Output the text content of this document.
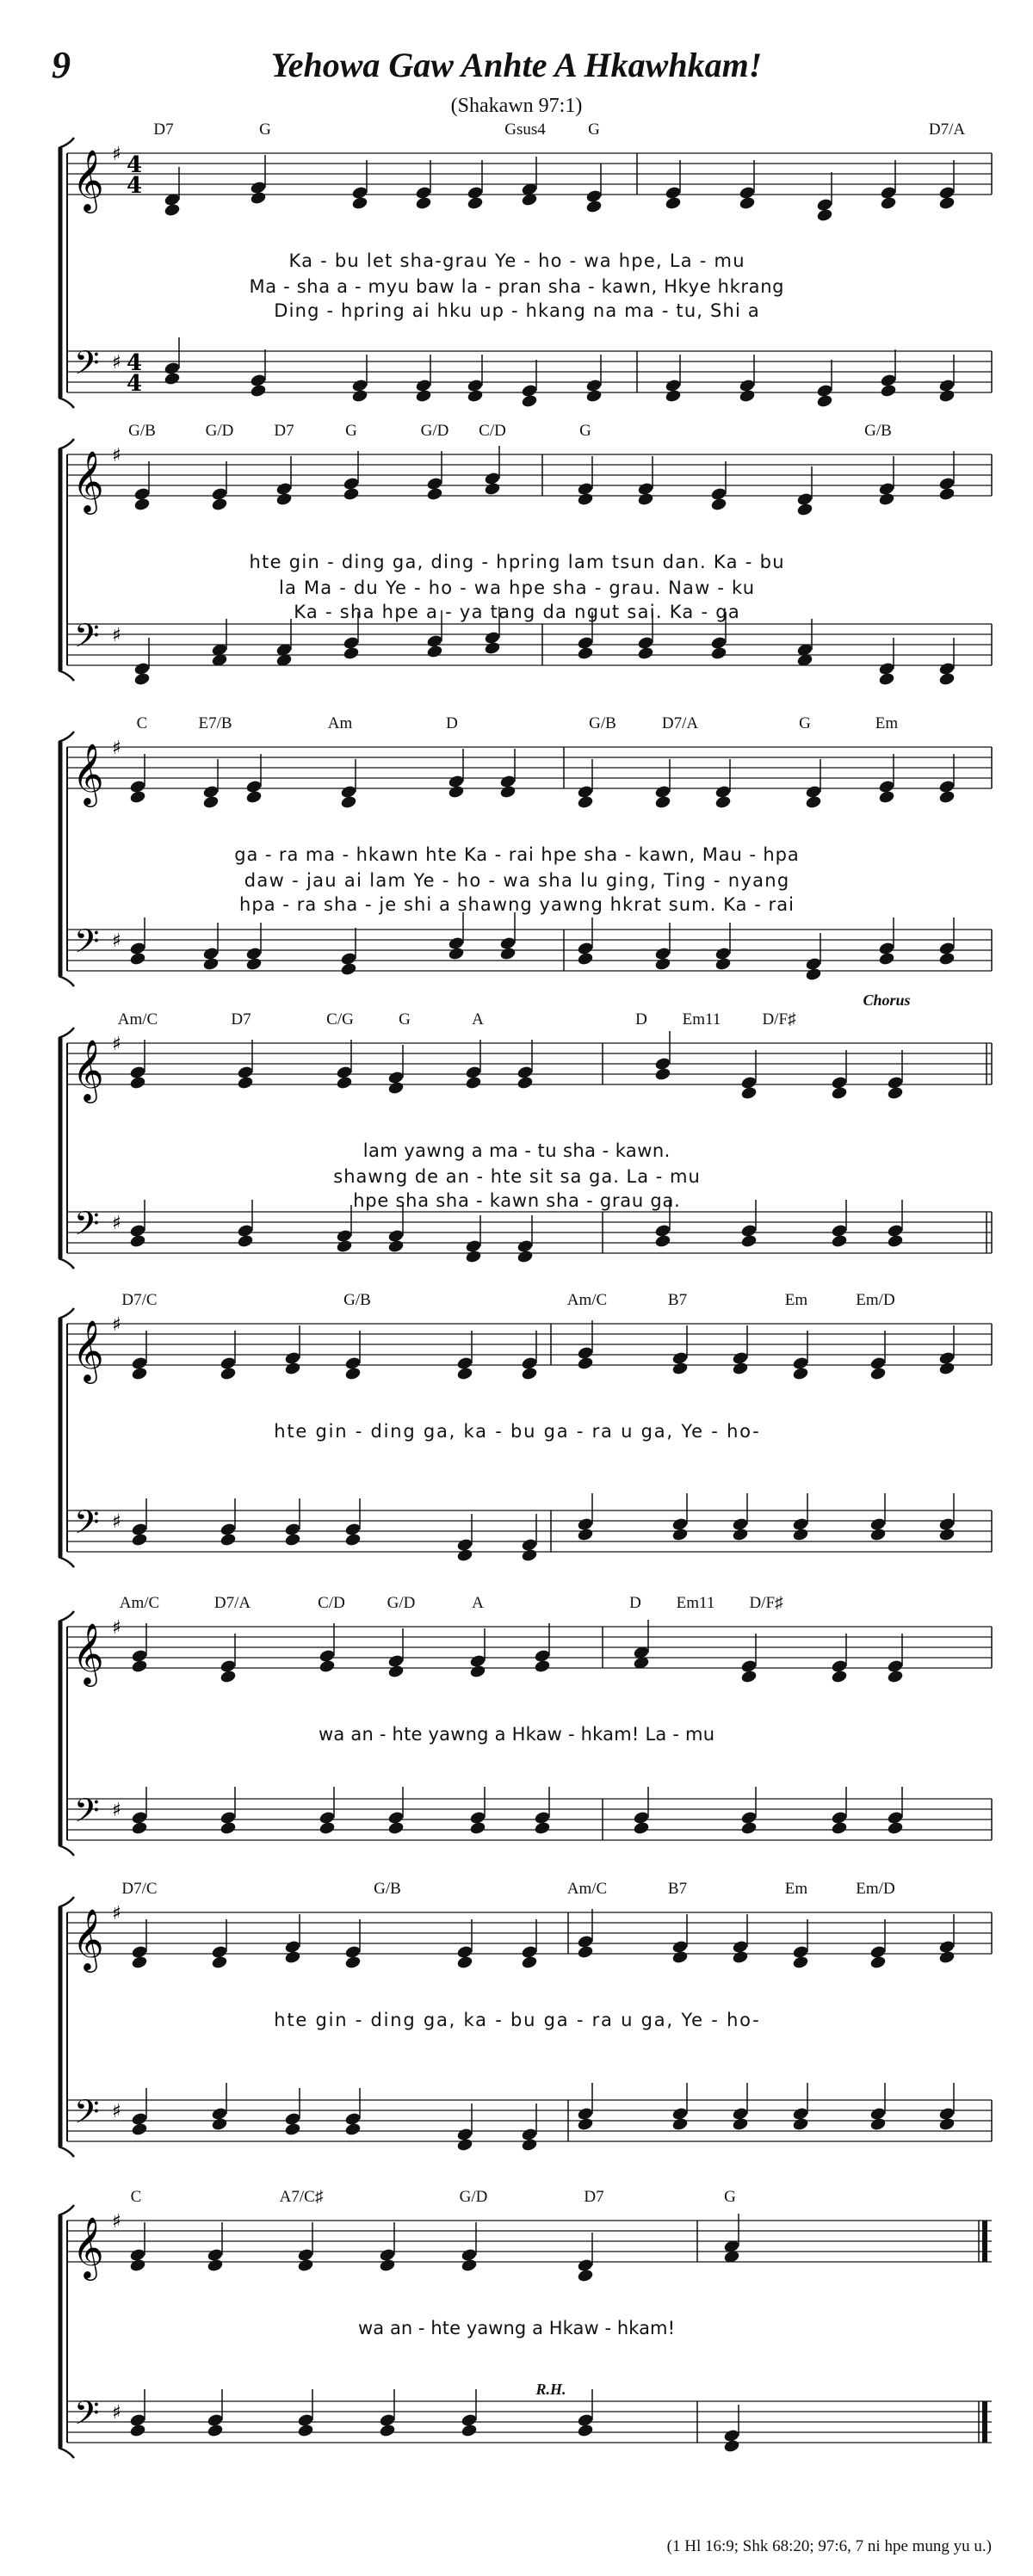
9	Yehowa Gaw Anhte A Hkawhkam!
(Shakawn 97:1)
𝄞 ♯ 4
4
𝄢 ♯ 4
4
D7	G	Gsus4	G	D7/A
Ka - bu let sha-grau Ye - ho - wa hpe, La - mu
Ma - sha a - myu baw la - pran sha - kawn, Hkye hkrang
Ding - hpring ai hku up - hkang na ma - tu, Shi a
𝄞 ♯
𝄢 ♯
G/B	G/D D7	G	G/D C/D	G	G/B
hte gin - ding ga, ding - hpring lam tsun dan. Ka - bu
la Ma - du Ye - ho - wa hpe sha - grau. Naw - ku
Ka - sha hpe a - ya tang da ngut sai. Ka - ga
𝄞 ♯
𝄢 ♯
C	E7/B	Am	D	G/B	D7/A	G	Em
ga - ra ma - hkawn hte Ka - rai hpe sha - kawn, Mau - hpa
daw - jau ai lam Ye - ho - wa sha lu ging, Ting - nyang
hpa - ra sha - je shi a shawng yawng hkrat sum. Ka - rai
𝄞 ♯
𝄢 ♯
Am/C	D7	C/G	G	A	D Em11	D/F♯
lam yawng a ma - tu sha - kawn.
shawng de an - hte sit sa ga. La - mu
hpe sha sha - kawn sha - grau ga.
Chorus
𝄞 ♯
𝄢 ♯
D7/C	G/B	Am/C	B7	Em	Em/D
hte gin - ding ga, ka - bu ga - ra u ga, Ye - ho-
𝄞 ♯
𝄢 ♯
Am/C	D7/A	C/D	G/D	A	D Em11 D/F♯
wa an - hte yawng a Hkaw - hkam! La - mu
𝄞 ♯
𝄢 ♯
D7/C	G/B	Am/C	B7	Em	Em/D
hte gin - ding ga, ka - bu ga - ra u ga, Ye - ho-
𝄞 ♯
𝄢 ♯
C	A7/C♯	G/D	D7	G
wa an - hte yawng a Hkaw - hkam!
R.H.
(1 Hl 16:9; Shk 68:20; 97:6, 7 ni hpe mung yu u.)
